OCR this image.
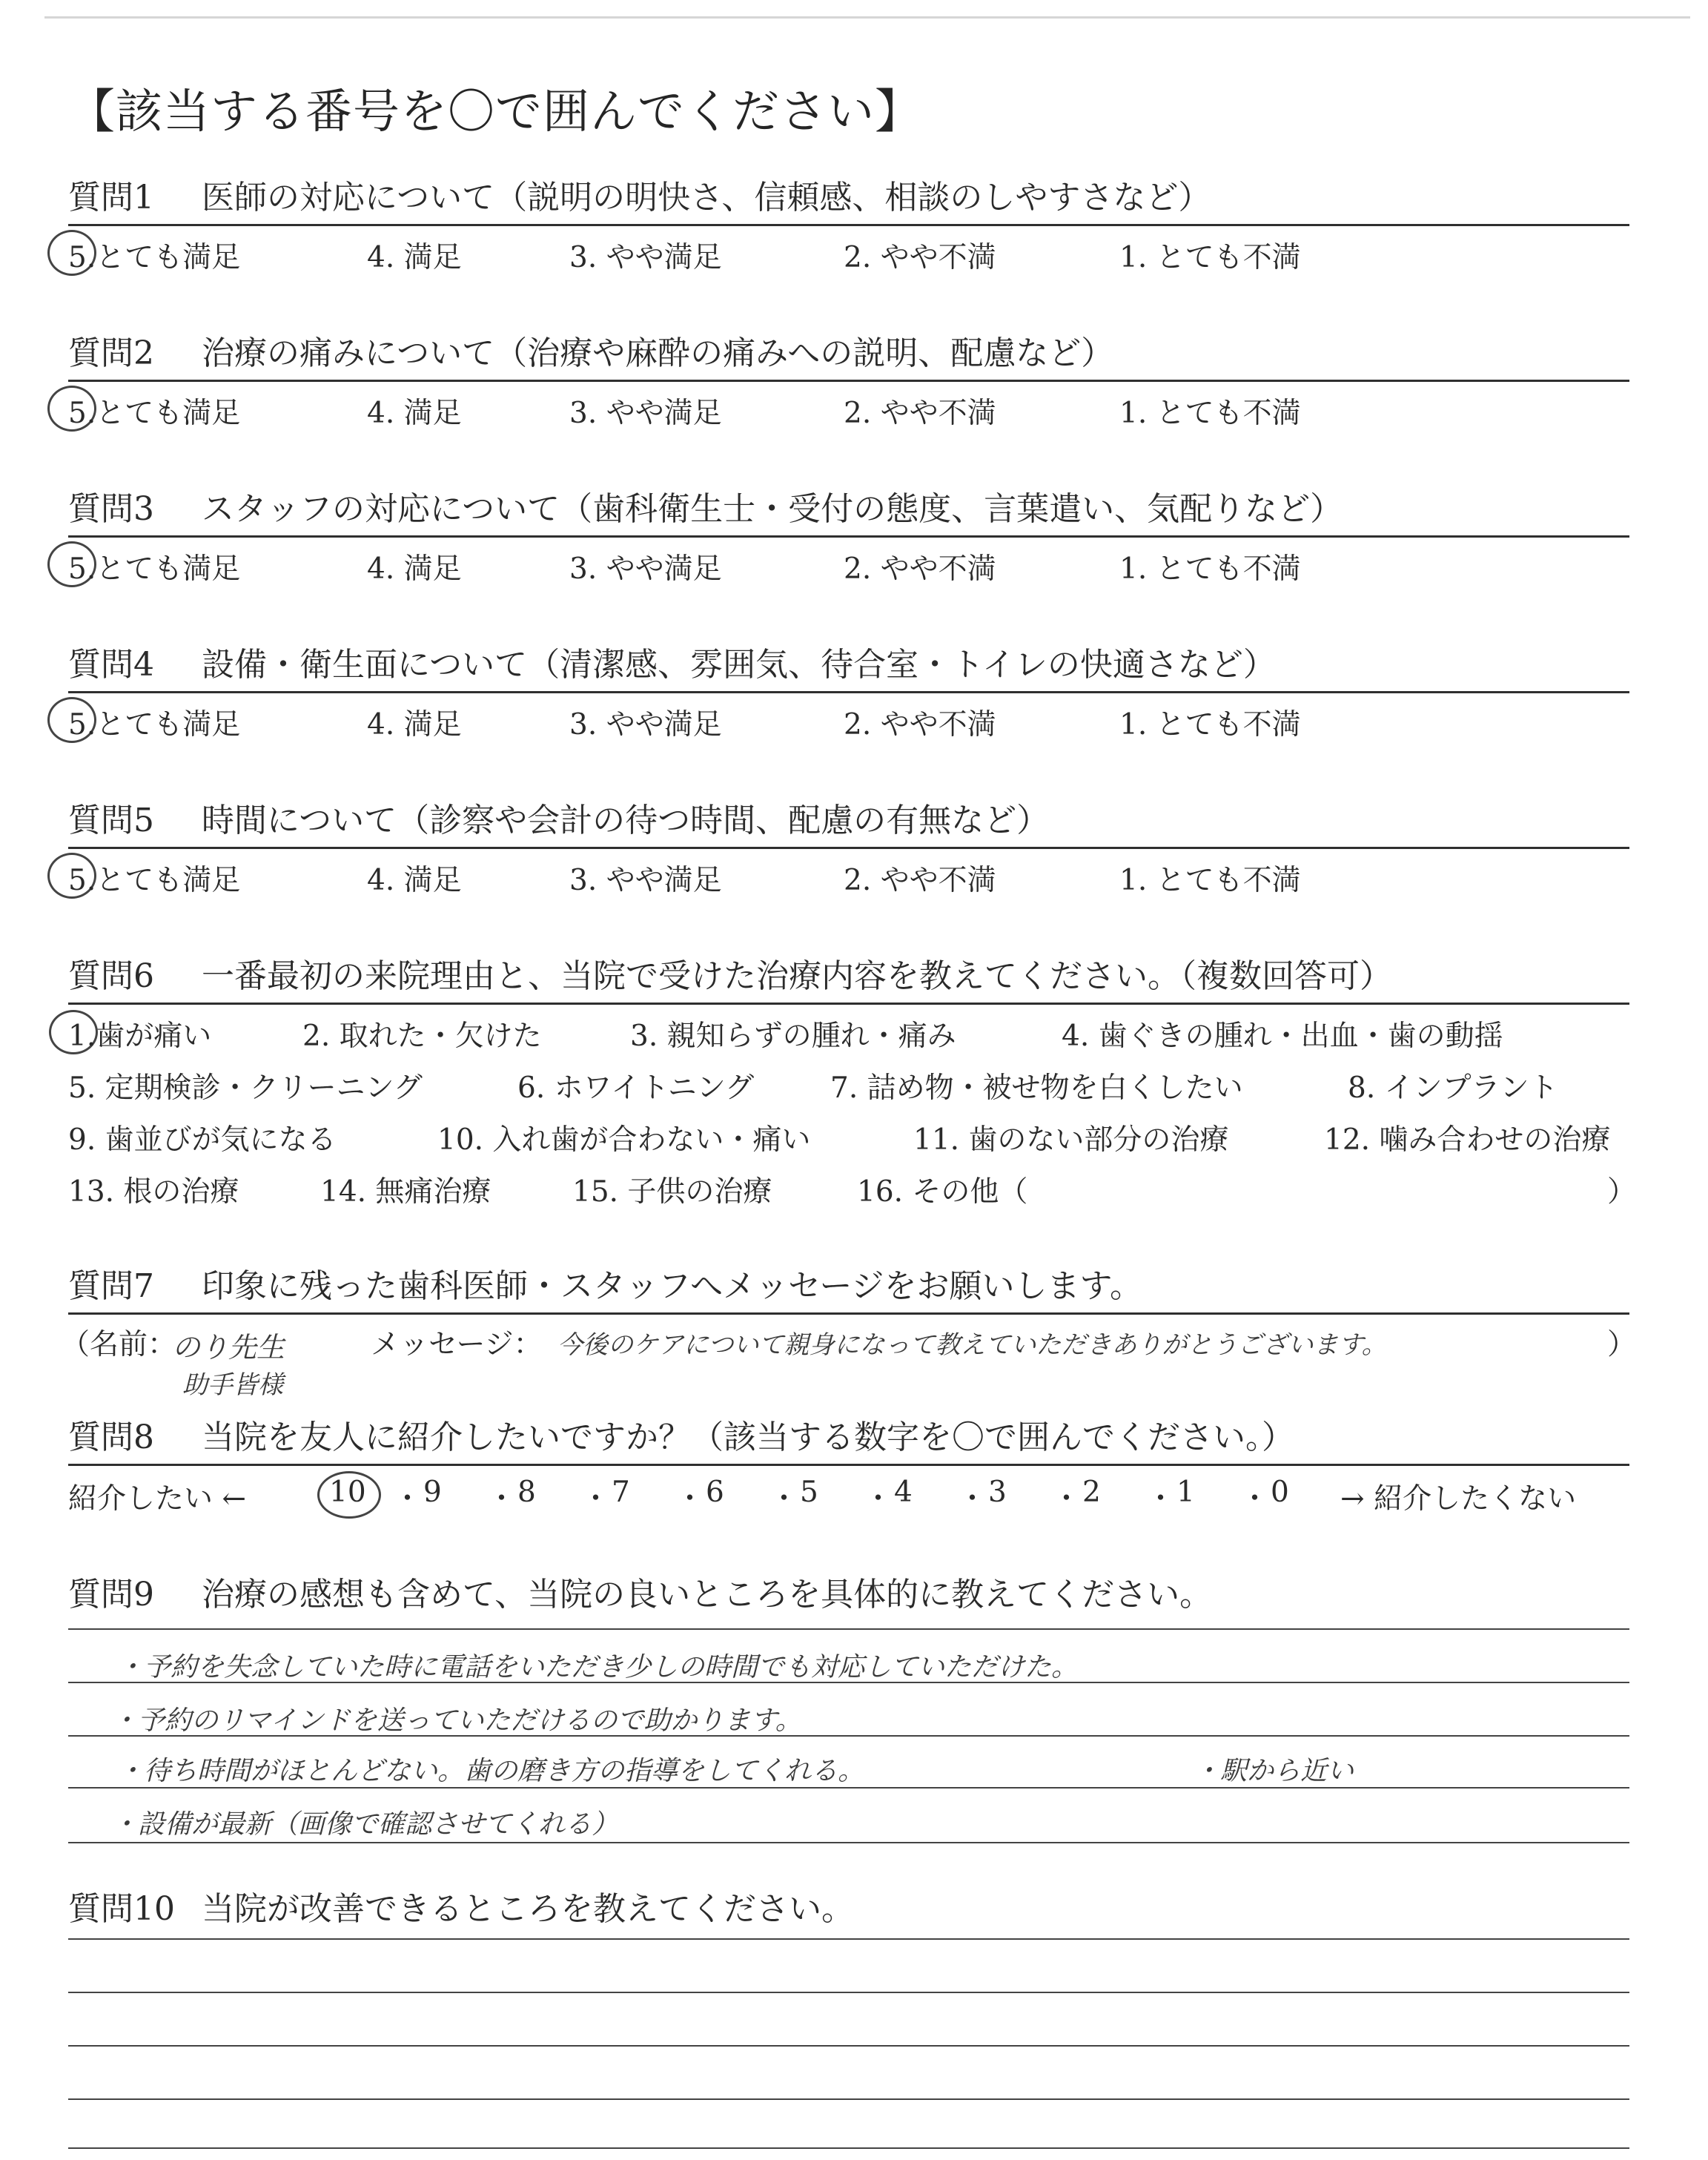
【該当する番号を〇で囲んでください】
質問1 医師の対応について（説明の明快さ、信頼感、相談のしやすさなど）
5.とても満足	4. 満足	3. やや満足	2. やや不満	1. とても不満
質問2 治療の痛みについて（治療や麻酔の痛みへの説明、配慮など）
5.とても満足	4. 満足	3. やや満足	2. やや不満	1. とても不満
質問3 スタッフの対応について（歯科衛生士・受付の態度、言葉遣い、気配りなど）
5.とても満足	4. 満足	3. やや満足	2. やや不満	1. とても不満
質問4 設備・衛生面について（清潔感、雰囲気、待合室・トイレの快適さなど）
5.とても満足	4. 満足	3. やや満足	2. やや不満	1. とても不満
質問5 時間について（診察や会計の待つ時間、配慮の有無など）
5.とても満足	4. 満足	3. やや満足	2. やや不満	1. とても不満
質問6 一番最初の来院理由と、当院で受けた治療内容を教えてください。（複数回答可）
1.歯が痛い	2. 取れた・欠けた	3. 親知らずの腫れ・痛み	4. 歯ぐきの腫れ・出血・歯の動揺
5. 定期検診・クリーニング	6. ホワイトニング	7. 詰め物・被せ物を白くしたい	8. インプラント
9. 歯並びが気になる	10. 入れ歯が合わない・痛い	11. 歯のない部分の治療	12. 噛み合わせの治療
13. 根の治療	14. 無痛治療	15. 子供の治療	16. その他（	）
質問7 印象に残った歯科医師・スタッフへメッセージをお願いします。
（名前：
のり先生
助手皆様
メッセージ： 今後のケアについて親身になって教えていただきありがとうございます。	）
質問8 当院を友人に紹介したいですか？（該当する数字を〇で囲んでください。）
紹介したい ←	10 ・ 9 ・ 8 ・ 7 ・ 6 ・ 5 ・ 4 ・ 3 ・ 2 ・ 1 ・ 0 → 紹介したくない
質問9 治療の感想も含めて、当院の良いところを具体的に教えてください。
・予約を失念していた時に電話をいただき少しの時間でも対応していただけた。
・予約のリマインドを送っていただけるので助かります。
・待ち時間がほとんどない。歯の磨き方の指導をしてくれる。	・駅から近い
・設備が最新（画像で確認させてくれる）
質問10 当院が改善できるところを教えてください。
